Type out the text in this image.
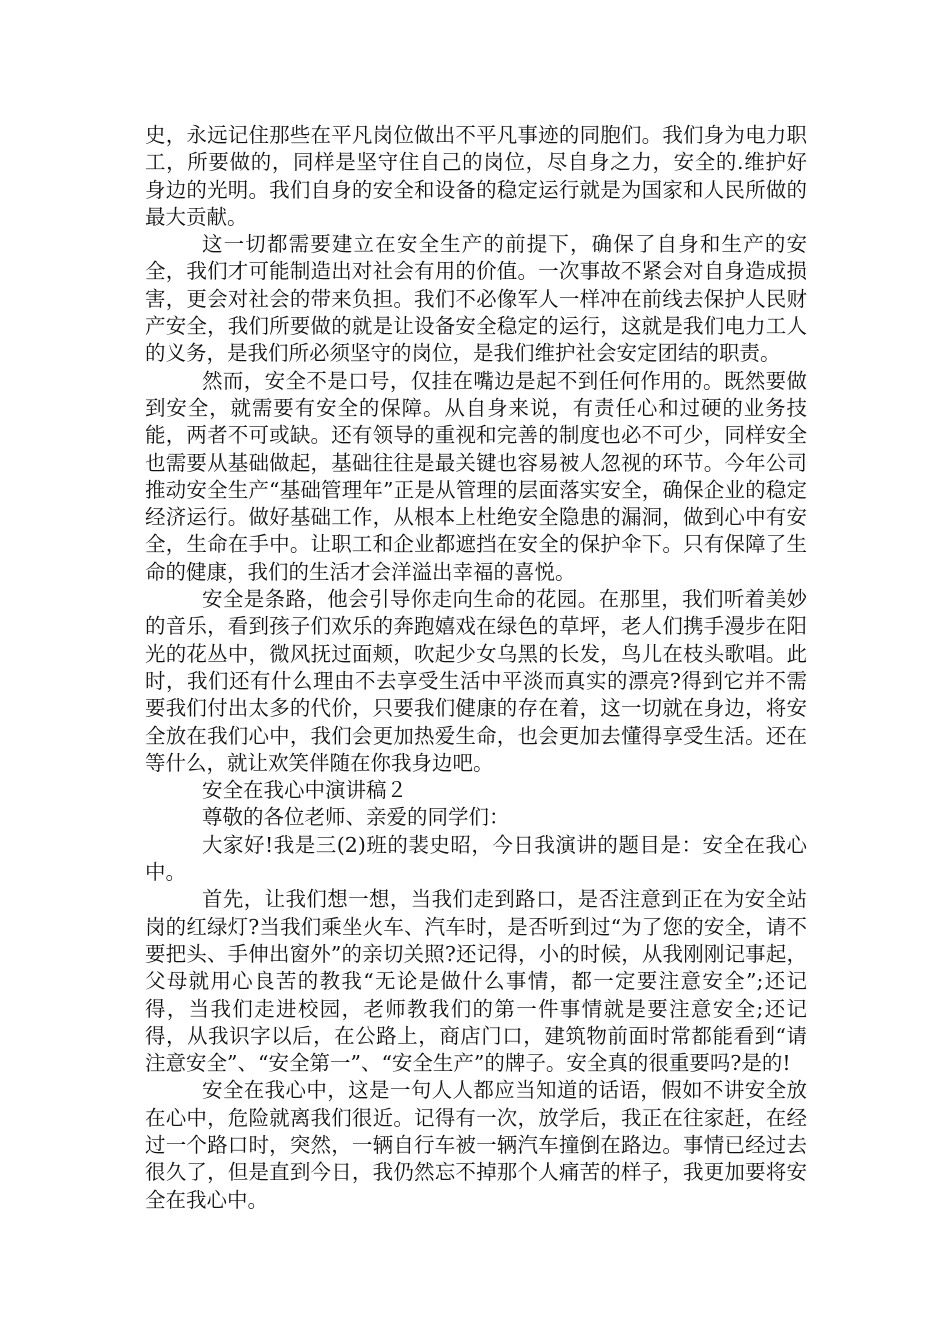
史，永远记住那些在平凡岗位做出不平凡事迹的同胞们。我们身为电力职工，所要做的，同样是坚守住自己的岗位，尽自身之力，安全的.维护好身边的光明。我们自身的安全和设备的稳定运行就是为国家和人民所做的最大贡献。

这一切都需要建立在安全生产的前提下，确保了自身和生产的安全，我们才可能制造出对社会有用的价值。一次事故不紧会对自身造成损害，更会对社会的带来负担。我们不必像军人一样冲在前线去保护人民财产安全，我们所要做的就是让设备安全稳定的运行，这就是我们电力工人的义务，是我们所必须坚守的岗位，是我们维护社会安定团结的职责。

然而，安全不是口号，仅挂在嘴边是起不到任何作用的。既然要做到安全，就需要有安全的保障。从自身来说，有责任心和过硬的业务技能，两者不可或缺。还有领导的重视和完善的制度也必不可少，同样安全也需要从基础做起，基础往往是最关键也容易被人忽视的环节。今年公司推动安全生产“基础管理年”正是从管理的层面落实安全，确保企业的稳定经济运行。做好基础工作，从根本上杜绝安全隐患的漏洞，做到心中有安全，生命在手中。让职工和企业都遮挡在安全的保护伞下。只有保障了生命的健康，我们的生活才会洋溢出幸福的喜悦。

安全是条路，他会引导你走向生命的花园。在那里，我们听着美妙的音乐，看到孩子们欢乐的奔跑嬉戏在绿色的草坪，老人们携手漫步在阳光的花丛中，微风抚过面颊，吹起少女乌黑的长发，鸟儿在枝头歌唱。此时，我们还有什么理由不去享受生活中平淡而真实的漂亮?得到它并不需要我们付出太多的代价，只要我们健康的存在着，这一切就在身边，将安全放在我们心中，我们会更加热爱生命，也会更加去懂得享受生活。还在等什么，就让欢笑伴随在你我身边吧。

安全在我心中演讲稿２

尊敬的各位老师、亲爱的同学们：

大家好!我是三(2)班的裴史昭，今日我演讲的题目是：安全在我心中。

首先，让我们想一想，当我们走到路口，是否注意到正在为安全站岗的红绿灯?当我们乘坐火车、汽车时，是否听到过“为了您的安全，请不要把头、手伸出窗外”的亲切关照?还记得，小的时候，从我刚刚记事起，父母就用心良苦的教我“无论是做什么事情，都一定要注意安全”;还记得，当我们走进校园，老师教我们的第一件事情就是要注意安全;还记得，从我识字以后，在公路上，商店门口，建筑物前面时常都能看到“请注意安全”、“安全第一”、“安全生产”的牌子。安全真的很重要吗?是的!

安全在我心中，这是一句人人都应当知道的话语，假如不讲安全放在心中，危险就离我们很近。记得有一次，放学后，我正在往家赶，在经过一个路口时，突然，一辆自行车被一辆汽车撞倒在路边。事情已经过去很久了，但是直到今日，我仍然忘不掉那个人痛苦的样子，我更加要将安全在我心中。
